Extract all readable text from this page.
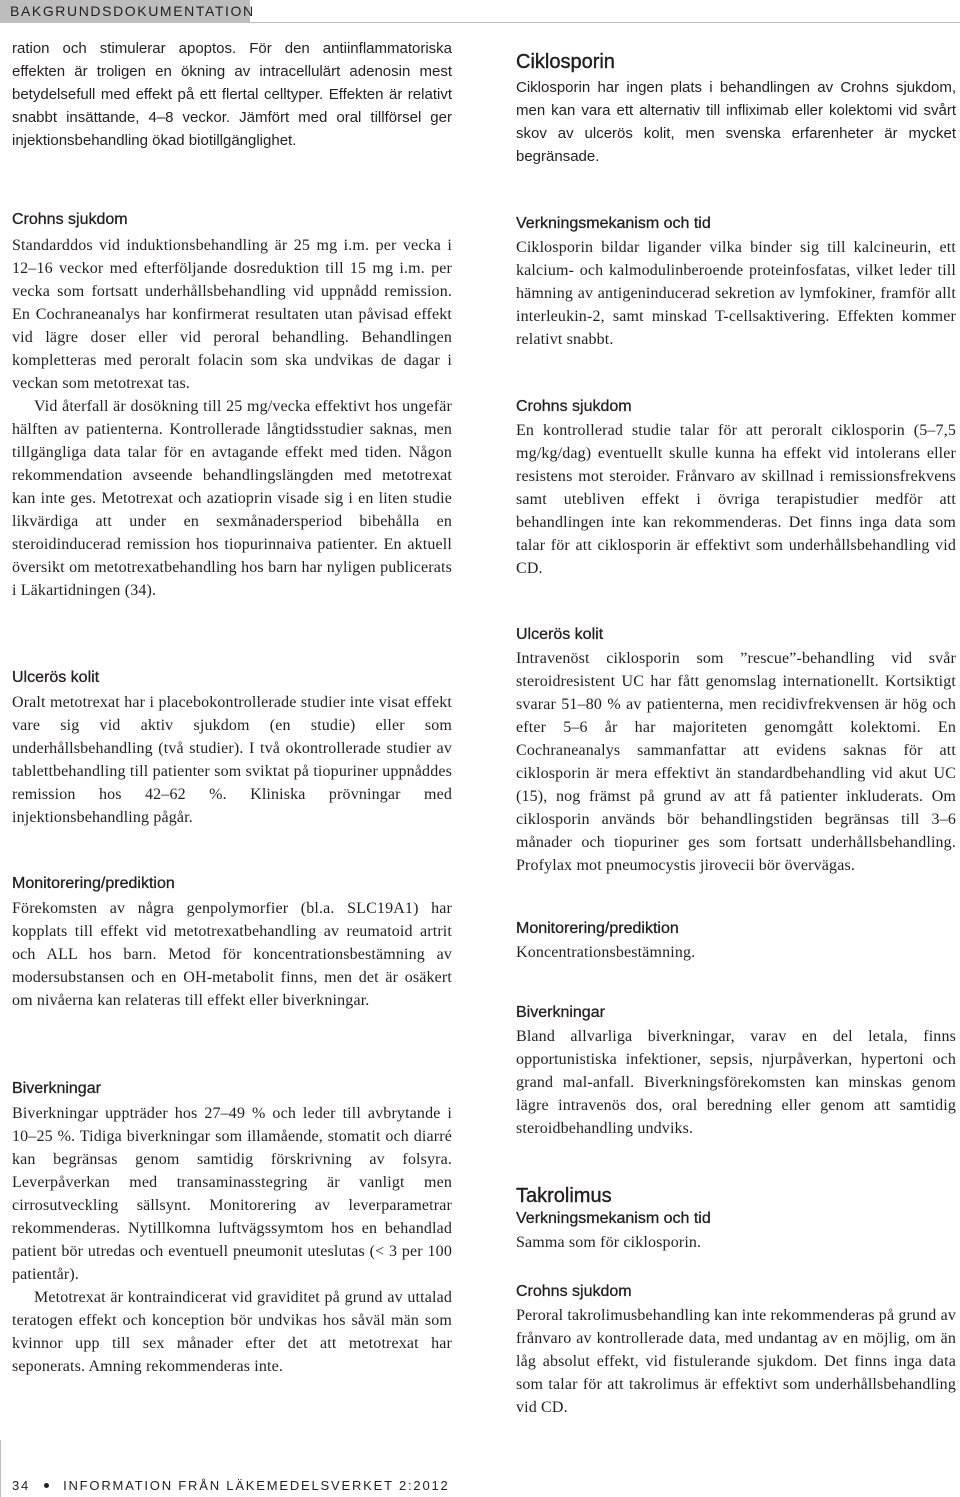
BAKGRUNDSDOKUMENTATION

ration och stimulerar apoptos. För den antiinflammatoriska effekten är troligen en ökning av intracellulärt adenosin mest betydelsefull med effekt på ett flertal celltyper. Effekten är relativt snabbt insättande, 4–8 veckor. Jämfört med oral tillförsel ger injektionsbehandling ökad biotillgänglighet.

Crohns sjukdom

Standarddos vid induktionsbehandling är 25 mg i.m. per vecka i 12–16 veckor med efterföljande dosreduktion till 15 mg i.m. per vecka som fortsatt underhållsbehandling vid uppnådd remission. En Cochraneanalys har konfirmerat resultaten utan påvisad effekt vid lägre doser eller vid peroral behandling. Behandlingen kompletteras med peroralt folacin som ska undvikas de dagar i veckan som metotrexat tas.

Vid återfall är dosökning till 25 mg/vecka effektivt hos ungefär hälften av patienterna. Kontrollerade långtidsstudier saknas, men tillgängliga data talar för en avtagande effekt med tiden. Någon rekommendation avseende behandlingslängden med metotrexat kan inte ges. Metotrexat och azatioprin visade sig i en liten studie likvärdiga att under en sexmånadersperiod bibehålla en steroidinducerad remission hos tiopurinnaiva patienter. En aktuell översikt om metotrexatbehandling hos barn har nyligen publicerats i Läkartidningen (34).

Ulcerös kolit

Oralt metotrexat har i placebokontrollerade studier inte visat effekt vare sig vid aktiv sjukdom (en studie) eller som underhållsbehandling (två studier). I två okontrollerade studier av tablettbehandling till patienter som sviktat på tiopuriner uppnåddes remission hos 42–62 %. Kliniska prövningar med injektionsbehandling pågår.

Monitorering/prediktion

Förekomsten av några genpolymorfier (bl.a. SLC19A1) har kopplats till effekt vid metotrexatbehandling av reumatoid artrit och ALL hos barn. Metod för koncentrationsbestämning av modersubstansen och en OH-metabolit finns, men det är osäkert om nivåerna kan relateras till effekt eller biverkningar.

Biverkningar

Biverkningar uppträder hos 27–49 % och leder till avbrytande i 10–25 %. Tidiga biverkningar som illamående, stomatit och diarré kan begränsas genom samtidig förskrivning av folsyra. Leverpåverkan med transaminasstegring är vanligt men cirrosutveckling sällsynt. Monitorering av leverparametrar rekommenderas. Nytillkomna luftvägssymtom hos en behandlad patient bör utredas och eventuell pneumonit uteslutas (< 3 per 100 patientår).

Metotrexat är kontraindicerat vid graviditet på grund av uttalad teratogen effekt och konception bör undvikas hos såväl män som kvinnor upp till sex månader efter det att metotrexat har seponerats. Amning rekommenderas inte.

Ciklosporin

Ciklosporin har ingen plats i behandlingen av Crohns sjukdom, men kan vara ett alternativ till infliximab eller kolektomi vid svårt skov av ulcerös kolit, men svenska erfarenheter är mycket begränsade.

Verkningsmekanism och tid

Ciklosporin bildar ligander vilka binder sig till kalcineurin, ett kalcium- och kalmodulinberoende proteinfosfatas, vilket leder till hämning av antigeninducerad sekretion av lymfokiner, framför allt interleukin-2, samt minskad T-cellsaktivering. Effekten kommer relativt snabbt.

Crohns sjukdom

En kontrollerad studie talar för att peroralt ciklosporin (5–7,5 mg/kg/dag) eventuellt skulle kunna ha effekt vid intolerans eller resistens mot steroider. Frånvaro av skillnad i remissionsfrekvens samt utebliven effekt i övriga terapistudier medför att behandlingen inte kan rekommenderas. Det finns inga data som talar för att ciklosporin är effektivt som underhållsbehandling vid CD.

Ulcerös kolit

Intravenöst ciklosporin som ”rescue”-behandling vid svår steroidresistent UC har fått genomslag internationellt. Kortsiktigt svarar 51–80 % av patienterna, men recidivfrekvensen är hög och efter 5–6 år har majoriteten genomgått kolektomi. En Cochraneanalys sammanfattar att evidens saknas för att ciklosporin är mera effektivt än standardbehandling vid akut UC (15), nog främst på grund av att få patienter inkluderats. Om ciklosporin används bör behandlingstiden begränsas till 3–6 månader och tiopuriner ges som fortsatt underhållsbehandling. Profylax mot pneumocystis jirovecii bör övervägas.

Monitorering/prediktion

Koncentrationsbestämning.

Biverkningar

Bland allvarliga biverkningar, varav en del letala, finns opportunistiska infektioner, sepsis, njurpåverkan, hypertoni och grand mal-anfall. Biverkningsförekomsten kan minskas genom lägre intravenös dos, oral beredning eller genom att samtidig steroidbehandling undviks.

Takrolimus
Verkningsmekanism och tid

Samma som för ciklosporin.

Crohns sjukdom

Peroral takrolimusbehandling kan inte rekommenderas på grund av frånvaro av kontrollerade data, med undantag av en möjlig, om än låg absolut effekt, vid fistulerande sjukdom. Det finns inga data som talar för att takrolimus är effektivt som underhållsbehandling vid CD.

34	INFORMATION FRÅN LÄKEMEDELSVERKET 2:2012
